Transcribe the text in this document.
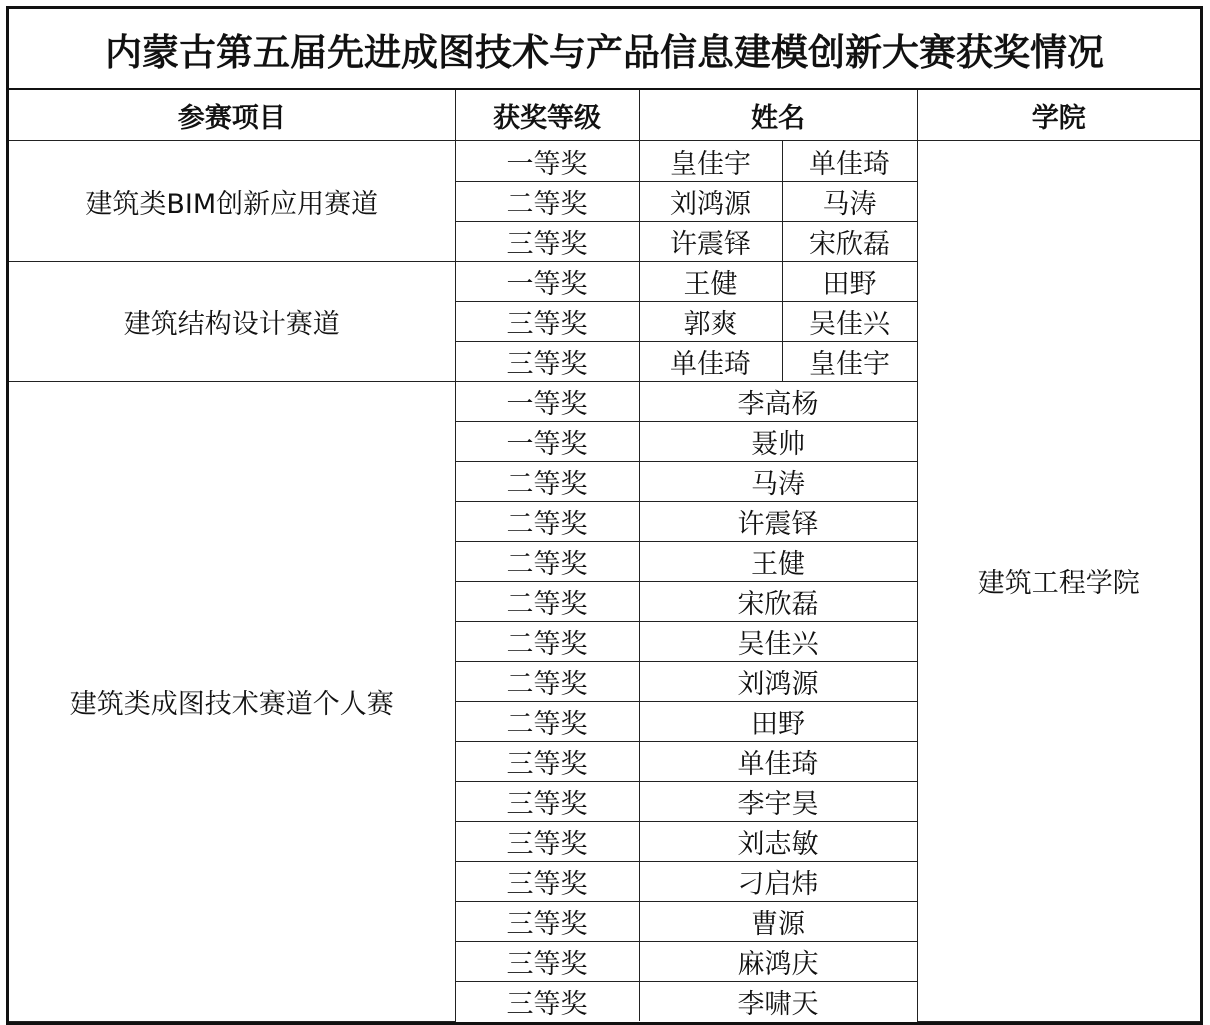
内蒙古第五届先进成图技术与产品信息建模创新大赛获奖情况
参赛项目	获奖等级	姓名		学院
建筑类BIM创新应用赛道	一等奖	皇佳宇	单佳琦	建筑工程学院
	二等奖	刘鸿源	马涛	
	三等奖	许震铎	宋欣磊	
建筑结构设计赛道	一等奖	王健	田野	
	三等奖	郭爽	吴佳兴	
	三等奖	单佳琦	皇佳宇	
建筑类成图技术赛道个人赛	一等奖	李高杨		
	一等奖	聂帅		
	二等奖	马涛		
	二等奖	许震铎		
	二等奖	王健		
	二等奖	宋欣磊		
	二等奖	吴佳兴		
	二等奖	刘鸿源		
	二等奖	田野		
	三等奖	单佳琦		
	三等奖	李宇昊		
	三等奖	刘志敏		
	三等奖	刁启炜		
	三等奖	曹源		
	三等奖	麻鸿庆		
	三等奖	李啸天		
